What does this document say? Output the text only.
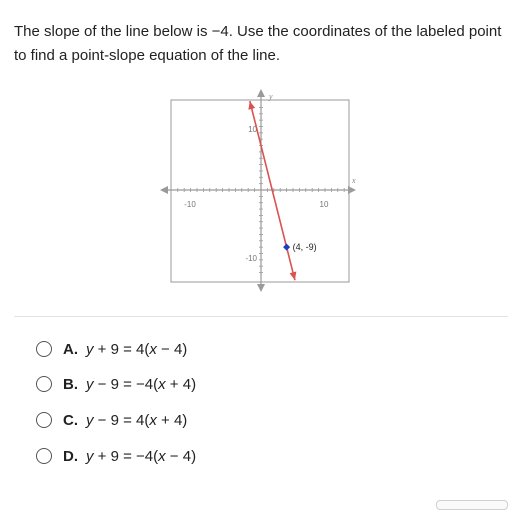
The slope of the line below is −4. Use the coordinates of the labeled point to find a point-slope equation of the line.
y
x
-10	10
10
-10
(4, -9)
A. y + 9 = 4(x − 4)
B. y − 9 = −4(x + 4)
C. y − 9 = 4(x + 4)
D. y + 9 = −4(x − 4)
